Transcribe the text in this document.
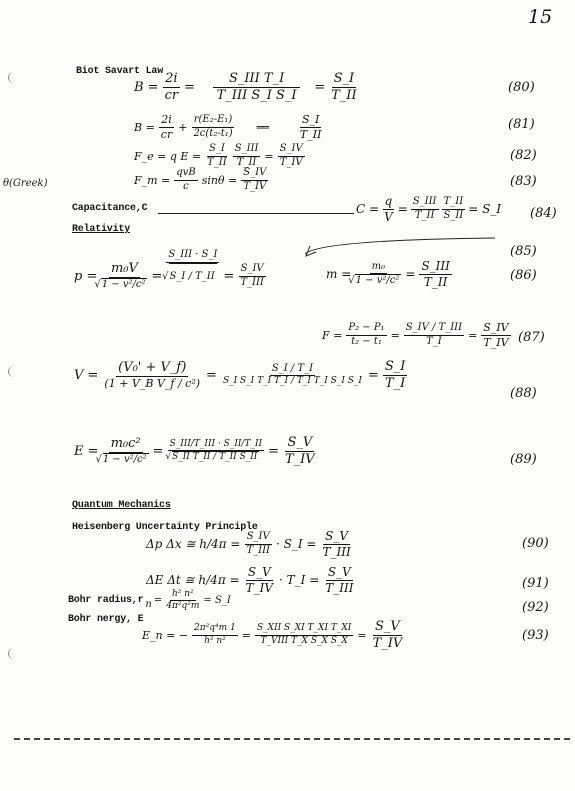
15
θ(Greek)
Biot Savart Law
Capacitance,C
Relativity
Quantum Mechanics
Heisenberg Uncertainty Principle
$B = \frac{2i}{cr} = \frac{\text{S\_III T\_I}}{\text{T\_III S\_I S\_I}} = \frac{S\_I}{T\_II}$	(80)
$B = \frac{2i}{cr} + \frac{\text{r(E₂-E₁)}}{\text{2c(t₂-t₁)}}$ ══	$\frac{S\_I}{T\_II}$	(81)
F_e = q $E = \frac{S\_I}{T\_II} \frac{\text{S\_III}}{T\_II} = \frac{S\_IV}{T\_IV}$	(82)
F_m = $\frac{\text{qvB}}{c}$ $\sin\theta = \frac{S\_IV}{T\_IV}$	(83)
$C = \frac{q}{V} = \frac{\text{S\_III}}{T\_II} \frac{T\_II}{S\_II}$ = S_I (84)
p = m₀V
√ 1 − v²/c² = S_III · S_I
√ S_I / T_II = $\frac{S\_IV}{\text{T\_III}}$
(85)
m = m₀
√ $1 - v^2/c^2 = \frac{\text{S\_III}}{T\_II}$	(86)
$F = \frac{\text{P₂ − P₁}}{\text{t₂ − t₁}} = \frac{\text{S\_IV / T\_III}}{T\_I} = \frac{S\_IV}{T\_IV} (87)$
$V = \frac{\text{(V₀' + V\_f)}}{\text{(1 + V\_B V\_f / c²)}} = \frac{S\_I / T\_I}{\text{S\_I S\_I T\_I T\_I / T\_I T\_I S\_I S\_I}} = \frac{S\_I}{T\_I}$
(88)
E = m₀c²
√ 1 − v²/c² = S_III/T_III · S_II/T_II
√ S_II T_II / T_II S_II = $\frac{S\_V}{T\_IV}$	(89)
Δp Δx ≅ $h/4\pi = \frac{S\_IV}{\text{T\_III}}$ · S_I = $\frac{S\_V}{\text{T\_III}}$	(90)
ΔE Δt ≅ $h/4\pi = \frac{S\_V}{T\_IV}$ · T_I = $\frac{S\_V}{\text{T\_III}}$	(91)
Bohr radius,r $n = \frac{\text{h² n²}}{\text{4π²q²m}}$ = S_I	(92)
Bohr nergy, E
E_n = − $\frac{\text{2π²q⁴m 1}}{\text{h² n²}} = \frac{\text{S\_XII S\_XI T\_XI T\_XI}}{\text{T\_VIII T\_X S\_X S\_X}} = \frac{S\_V}{T\_IV}$	(93)
